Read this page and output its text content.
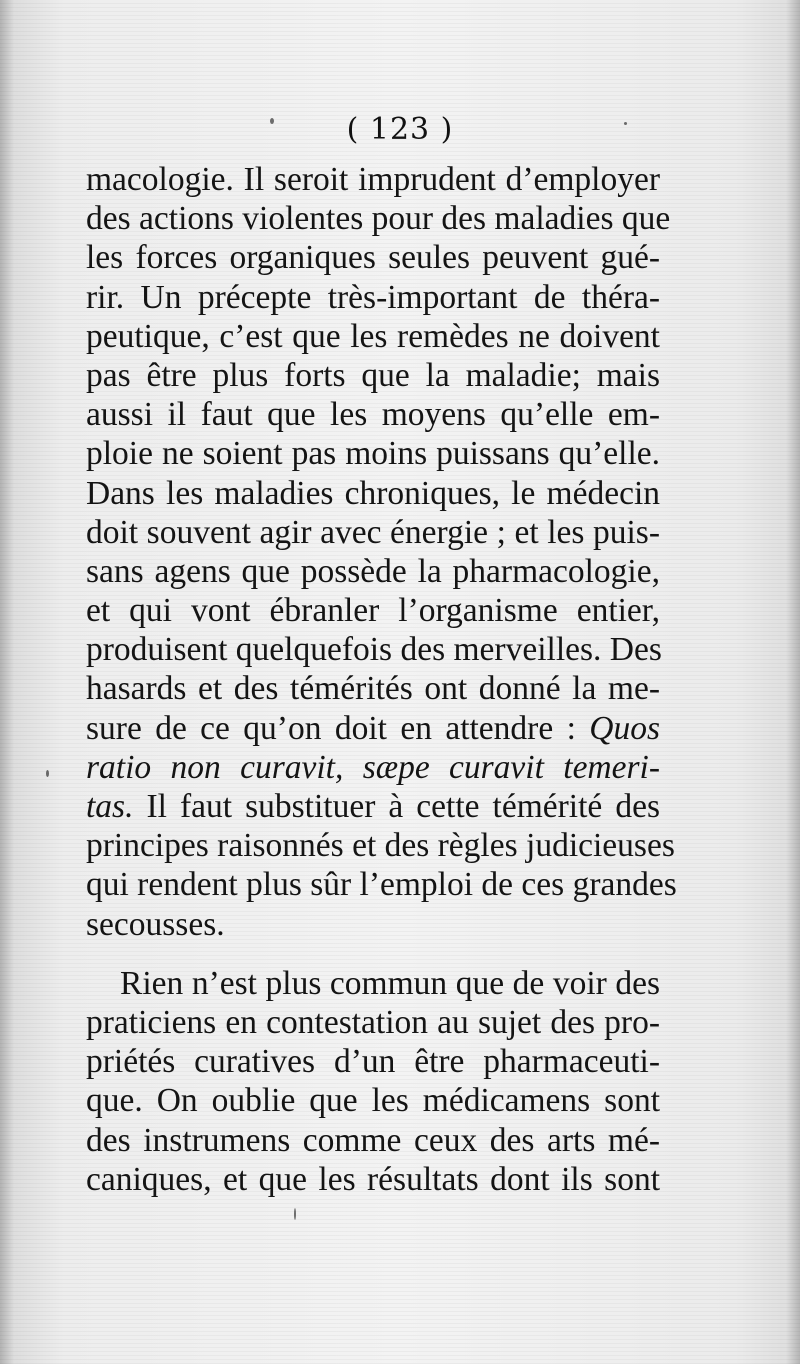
( 123 )
macologie. Il seroit imprudent d’employer
des actions violentes pour des maladies que
les forces organiques seules peuvent gué-
rir. Un précepte très-important de théra-
peutique, c’est que les remèdes ne doivent
pas être plus forts que la maladie; mais
aussi il faut que les moyens qu’elle em-
ploie ne soient pas moins puissans qu’elle.
Dans les maladies chroniques, le médecin
doit souvent agir avec énergie ; et les puis-
sans agens que possède la pharmacologie,
et qui vont ébranler l’organisme entier,
produisent quelquefois des merveilles. Des
hasards et des témérités ont donné la me-
sure de ce qu’on doit en attendre : Quos
ratio non curavit, sæpe curavit temeri-
tas. Il faut substituer à cette témérité des
principes raisonnés et des règles judicieuses
qui rendent plus sûr l’emploi de ces grandes
secousses.
Rien n’est plus commun que de voir des
praticiens en contestation au sujet des pro-
priétés curatives d’un être pharmaceuti-
que. On oublie que les médicamens sont
des instrumens comme ceux des arts mé-
caniques, et que les résultats dont ils sont
